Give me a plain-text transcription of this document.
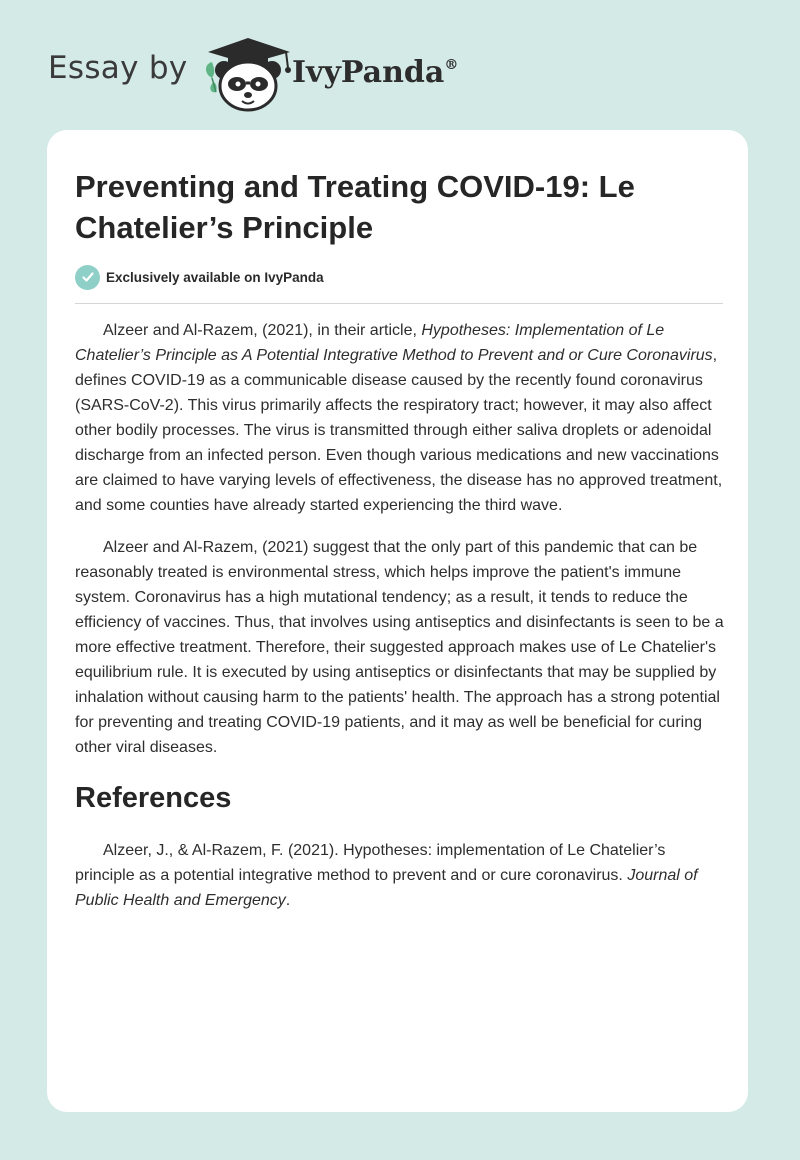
Essay by	IvyPanda®
Preventing and Treating COVID-19: Le Chatelier’s Principle
Exclusively available on IvyPanda

Alzeer and Al-Razem, (2021), in their article, Hypotheses: Implementation of Le Chatelier’s Principle as A Potential Integrative Method to Prevent and or Cure Coronavirus, defines COVID-19 as a communicable disease caused by the recently found coronavirus (SARS-CoV-2). This virus primarily affects the respiratory tract; however, it may also affect other bodily processes. The virus is transmitted through either saliva droplets or adenoidal discharge from an infected person. Even though various medications and new vaccinations are claimed to have varying levels of effectiveness, the disease has no approved treatment, and some counties have already started experiencing the third wave.

Alzeer and Al-Razem, (2021) suggest that the only part of this pandemic that can be reasonably treated is environmental stress, which helps improve the patient's immune system. Coronavirus has a high mutational tendency; as a result, it tends to reduce the efficiency of vaccines. Thus, that involves using antiseptics and disinfectants is seen to be a more effective treatment. Therefore, their suggested approach makes use of Le Chatelier's equilibrium rule. It is executed by using antiseptics or disinfectants that may be supplied by inhalation without causing harm to the patients' health. The approach has a strong potential for preventing and treating COVID-19 patients, and it may as well be beneficial for curing other viral diseases.

References

Alzeer, J., & Al-Razem, F. (2021). Hypotheses: implementation of Le Chatelier’s principle as a potential integrative method to prevent and or cure coronavirus. Journal of Public Health and Emergency.
